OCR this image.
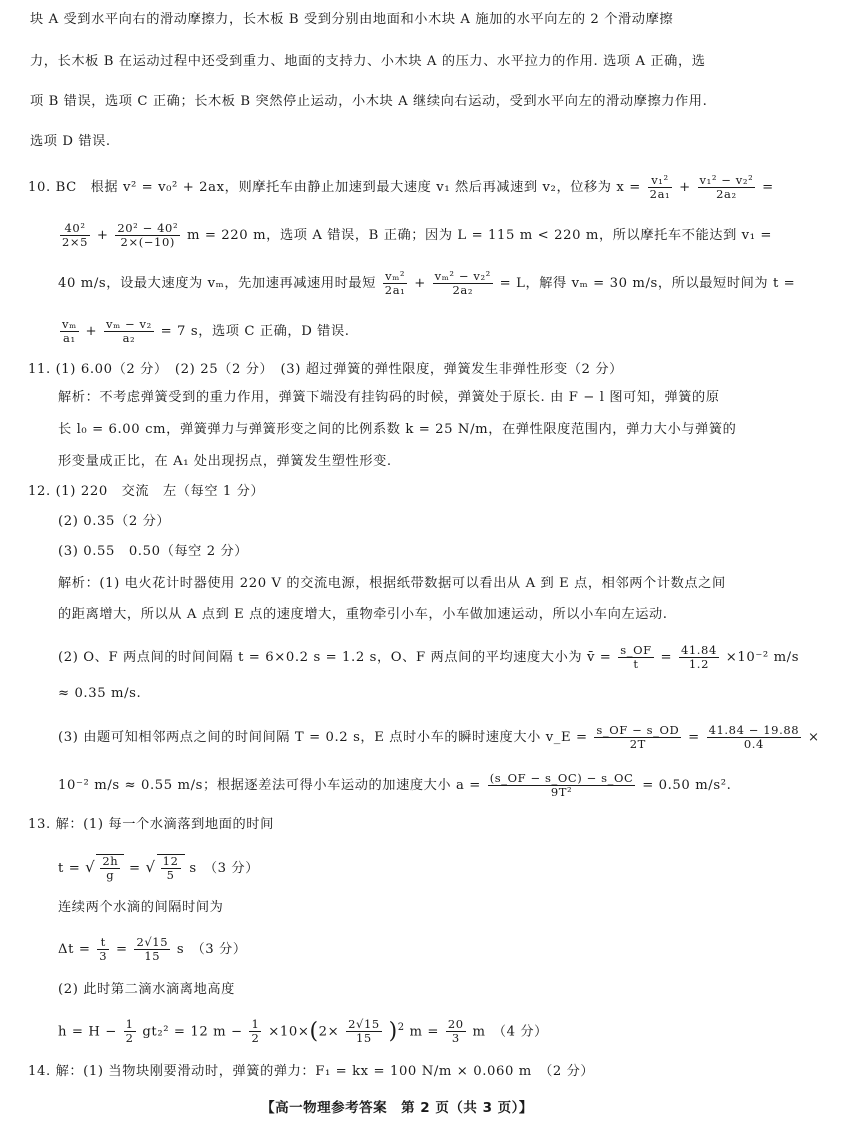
块 A 受到水平向右的滑动摩擦力，长木板 B 受到分别由地面和小木块 A 施加的水平向左的 2 个滑动摩擦
力，长木板 B 在运动过程中还受到重力、地面的支持力、小木块 A 的压力、水平拉力的作用. 选项 A 正确，选
项 B 错误，选项 C 正确；长木板 B 突然停止运动，小木块 A 继续向右运动，受到水平向左的滑动摩擦力作用.
选项 D 错误.
10. BC　根据 v² = v₀² + 2ax，则摩托车由静止加速到最大速度 v₁ 然后再减速到 v₂，位移为 $x = \frac{\text{v₁²}}{\text{2a₁}} + \frac{\text{v₁² − v₂²}}{\text{2a₂}}$ =
$\frac{\text{40²}}{2\times 5} + \frac{\text{20² − 40²}}{2\times(-10)}$ m = 220 m，选项 A 错误，B 正确；因为 L = 115 m < 220 m，所以摩托车不能达到 v₁ =
40 m/s，设最大速度为 vₘ，先加速再减速用时最短 $\frac{\text{vₘ²}}{\text{2a₁}} + \frac{\text{vₘ² − v₂²}}{\text{2a₂}} = L$，解得 vₘ = 30 m/s，所以最短时间为 t =
$\frac{\text{vₘ}}{\text{a₁}} + \frac{\text{vₘ − v₂}}{\text{a₂}} = 7$ s，选项 C 正确，D 错误.
11. (1) 6.00（2 分）　(2) 25（2 分）　(3) 超过弹簧的弹性限度，弹簧发生非弹性形变（2 分）
解析：不考虑弹簧受到的重力作用，弹簧下端没有挂钩码的时候，弹簧处于原长. 由 F − l 图可知，弹簧的原
长 l₀ = 6.00 cm，弹簧弹力与弹簧形变之间的比例系数 k = 25 N/m，在弹性限度范围内，弹力大小与弹簧的
形变量成正比，在 A₁ 处出现拐点，弹簧发生塑性形变.
12. (1) 220　交流　左（每空 1 分）
(2) 0.35（2 分）
(3) 0.55　0.50（每空 2 分）
解析：(1) 电火花计时器使用 220 V 的交流电源，根据纸带数据可以看出从 A 到 E 点，相邻两个计数点之间
的距离增大，所以从 A 点到 E 点的速度增大，重物牵引小车，小车做加速运动，所以小车向左运动.
(2) O、F 两点间的时间间隔 t = 6×0.2 s = 1.2 s，O、F 两点间的平均速度大小为 v̄ = $\frac{s\_OF}{t} = \frac{41.84}{1.2} \times 10^{-2}$ m/s
≈ 0.35 m/s.
(3) 由题可知相邻两点之间的时间间隔 T = 0.2 s，E 点时小车的瞬时速度大小 v_E = $\frac{s\_OF - s\_OD}{2T} = \frac{41.84 - 19.88}{0.4}$ ×
10⁻² m/s ≈ 0.55 m/s；根据逐差法可得小车运动的加速度大小 $a = \frac{(s\_OF - s\_OC) - s\_OC}{\text{9T²}} = 0.50$ m/s².
13. 解：(1) 每一个水滴落到地面的时间
t = √ $\frac{2h}{g}$ = √ $\frac{12}{5}$ s　（3 分）
连续两个水滴的间隔时间为
$\Delta t = \frac{t}{3} = \frac{2√15}{15}$ s　（3 分）
(2) 此时第二滴水滴离地高度
$h = H - \frac{1}{2} gt_2^2 = 12$ $m - \frac{1}{2} \times 10\times(2\times \frac{2√15}{15} )^2$ $m = \frac{20}{3}$ m　（4 分）
14. 解：(1) 当物块刚要滑动时，弹簧的弹力：F₁ = kx = 100 N/m × 0.060 m　（2 分）
【高一物理参考答案　第 2 页（共 3 页）】
